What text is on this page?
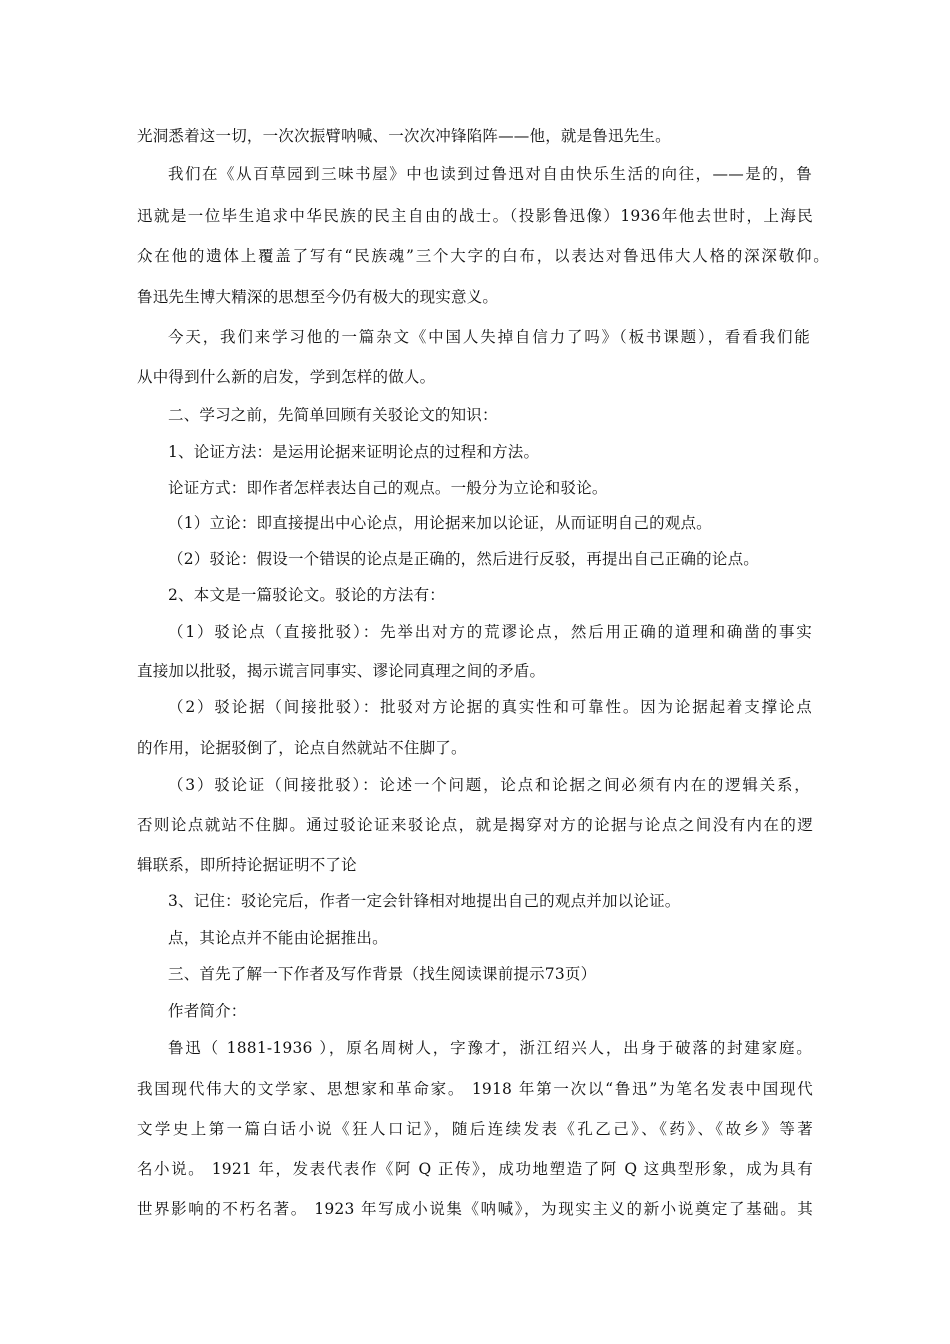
光洞悉着这一切，一次次振臂呐喊、一次次冲锋陷阵——他，就是鲁迅先生。
我们在《从百草园到三味书屋》中也读到过鲁迅对自由快乐生活的向往，——是的，鲁
迅就是一位毕生追求中华民族的民主自由的战士。（投影鲁迅像）1936年他去世时，上海民
众在他的遗体上覆盖了写有“民族魂”三个大字的白布，以表达对鲁迅伟大人格的深深敬仰。
鲁迅先生博大精深的思想至今仍有极大的现实意义。
今天，我们来学习他的一篇杂文《中国人失掉自信力了吗》（板书课题），看看我们能
从中得到什么新的启发，学到怎样的做人。
二、学习之前，先简单回顾有关驳论文的知识：
1、论证方法：是运用论据来证明论点的过程和方法。
论证方式：即作者怎样表达自己的观点。一般分为立论和驳论。
（1）立论：即直接提出中心论点，用论据来加以论证，从而证明自己的观点。
（2）驳论：假设一个错误的论点是正确的，然后进行反驳，再提出自己正确的论点。
2、本文是一篇驳论文。驳论的方法有：
（1）驳论点（直接批驳）：先举出对方的荒谬论点，然后用正确的道理和确凿的事实
直接加以批驳，揭示谎言同事实、谬论同真理之间的矛盾。
（2）驳论据（间接批驳）：批驳对方论据的真实性和可靠性。因为论据起着支撑论点
的作用，论据驳倒了，论点自然就站不住脚了。
（3）驳论证（间接批驳）：论述一个问题，论点和论据之间必须有内在的逻辑关系，
否则论点就站不住脚。通过驳论证来驳论点，就是揭穿对方的论据与论点之间没有内在的逻
辑联系，即所持论据证明不了论
3、记住：驳论完后，作者一定会针锋相对地提出自己的观点并加以论证。
点，其论点并不能由论据推出。
三、首先了解一下作者及写作背景（找生阅读课前提示73页）
作者简介：
鲁迅（ 1881-1936 ），原名周树人，字豫才，浙江绍兴人，出身于破落的封建家庭。
我国现代伟大的文学家、思想家和革命家。 1918 年第一次以“鲁迅”为笔名发表中国现代
文学史上第一篇白话小说《狂人口记》，随后连续发表《孔乙己》、《药》、《故乡》等著
名小说。 1921 年，发表代表作《阿 Q 正传》，成功地塑造了阿 Q 这典型形象，成为具有
世界影响的不朽名著。 1923 年写成小说集《呐喊》，为现实主义的新小说奠定了基础。其
